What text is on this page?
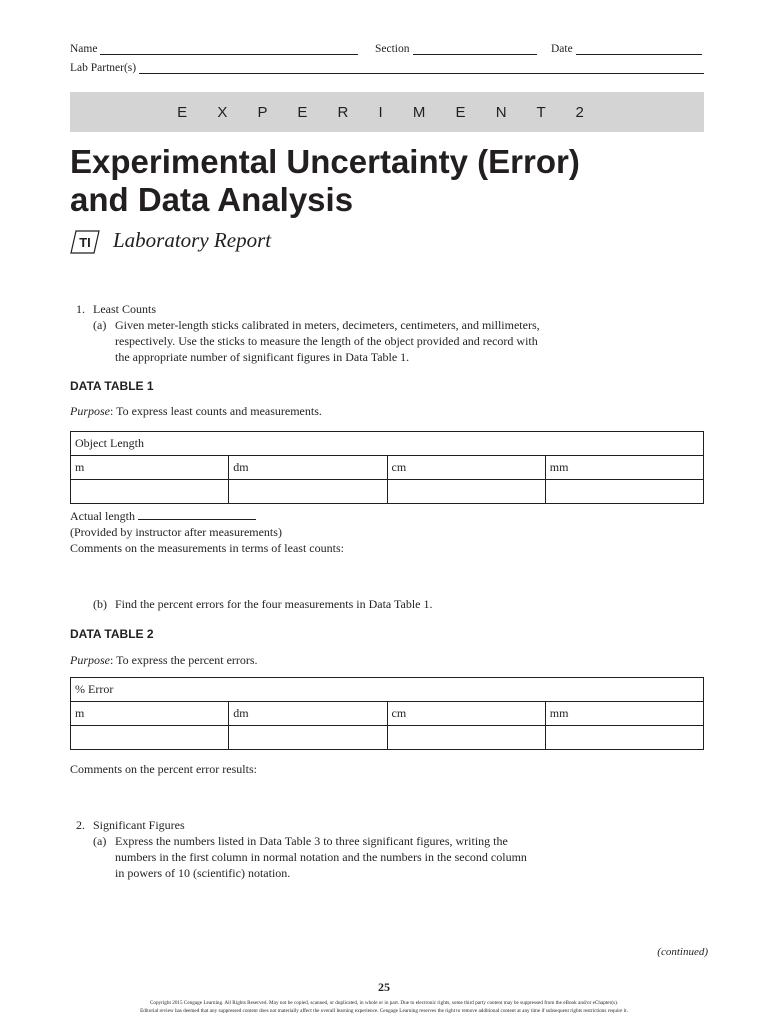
Name	Section	Date
Lab Partner(s)
E X P E R I M E N T 2
Experimental Uncertainty (Error)
and Data Analysis
TI Laboratory Report
1. Least Counts
(a) Given meter-length sticks calibrated in meters, decimeters, centimeters, and millimeters,
respectively. Use the sticks to measure the length of the object provided and record with
the appropriate number of significant figures in Data Table 1.
DATA TABLE 1
Purpose: To express least counts and measurements.
Object Length			
m	dm	cm	mm

Actual length
(Provided by instructor after measurements)
Comments on the measurements in terms of least counts:
(b) Find the percent errors for the four measurements in Data Table 1.
DATA TABLE 2
Purpose: To express the percent errors.
% Error			
m	dm	cm	mm

Comments on the percent error results:
2. Significant Figures
(a) Express the numbers listed in Data Table 3 to three significant figures, writing the
numbers in the first column in normal notation and the numbers in the second column
in powers of 10 (scientific) notation.
(continued)
25
Copyright 2015 Cengage Learning. All Rights Reserved. May not be copied, scanned, or duplicated, in whole or in part. Due to electronic rights, some third party content may be suppressed from the eBook and/or eChapter(s).
Editorial review has deemed that any suppressed content does not materially affect the overall learning experience. Cengage Learning reserves the right to remove additional content at any time if subsequent rights restrictions require it.
